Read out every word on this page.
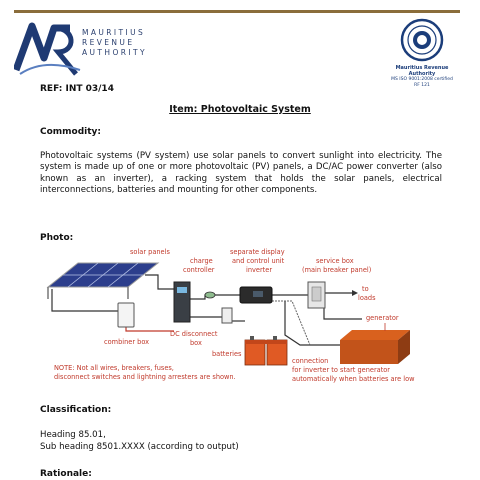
MAURITIUS
REVENUE
AUTHORITY
Mauritius Revenue Authority
MS ISO 9001:2008 certified
RF 121
REF: INT 03/14
Item: Photovoltaic System
Commodity:
Photovoltaic systems (PV system) use solar panels to convert sunlight into electricity. The system is made up of one or more photovoltaic (PV) panels, a DC/AC power converter (also known as an inverter), a racking system that holds the solar panels, electrical interconnections, batteries and mounting for other components.
Photo:
solar panels
charge
controller
separate display
and control unit
inverter
service box
(main breaker panel)
to
loads
generator
combiner box
DC disconnect
box
batteries
NOTE: Not all wires, breakers, fuses,
disconnect switches and lightning arresters are shown.
connection
for inverter to start generator
automatically when batteries are low
Classification:
Heading 85.01,
Sub heading 8501.XXXX (according to output)
Rationale:
